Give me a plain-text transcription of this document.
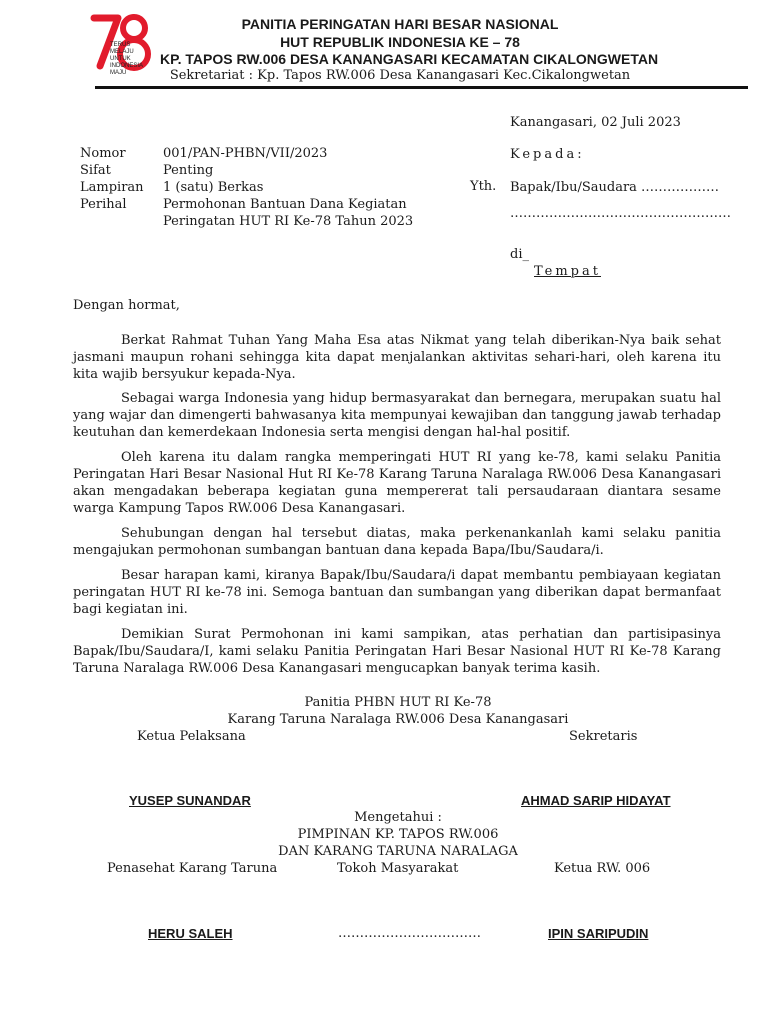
TERUS
MELAJU
UNTUK
INDONESIA
MAJU
PANITIA PERINGATAN HARI BESAR NASIONAL
HUT REPUBLIK INDONESIA KE – 78
KP. TAPOS RW.006 DESA KANANGASARI KECAMATAN CIKALONGWETAN
Sekretariat : Kp. Tapos RW.006 Desa Kanangasari Kec.Cikalongwetan
Kanangasari, 02 Juli 2023
Nomor	001/PAN-PHBN/VII/2023
Sifat	Penting
Lampiran 1 (satu) Berkas
Perihal	Permohonan Bantuan Dana Kegiatan
Peringatan HUT RI Ke-78 Tahun 2023
Kepada:
Yth. Bapak/Ibu/Saudara ………………
……………………………………………
di_
Tempat
Dengan hormat,
Berkat Rahmat Tuhan Yang Maha Esa atas Nikmat yang telah diberikan-Nya baik sehat jasmani maupun rohani sehingga kita dapat menjalankan aktivitas sehari-hari, oleh karena itu kita wajib bersyukur kepada-Nya.
Sebagai warga Indonesia yang hidup bermasyarakat dan bernegara, merupakan suatu hal yang wajar dan dimengerti bahwasanya kita mempunyai kewajiban dan tanggung jawab terhadap keutuhan dan kemerdekaan Indonesia serta mengisi dengan hal-hal positif.
Oleh karena itu dalam rangka memperingati HUT RI yang ke-78, kami selaku Panitia Peringatan Hari Besar Nasional Hut RI Ke-78 Karang Taruna Naralaga RW.006 Desa Kanangasari akan mengadakan beberapa kegiatan guna mempererat tali persaudaraan diantara sesame warga Kampung Tapos RW.006 Desa Kanangasari.
Sehubungan dengan hal tersebut diatas, maka perkenankanlah kami selaku panitia mengajukan permohonan sumbangan bantuan dana kepada Bapa/Ibu/Saudara/i.
Besar harapan kami, kiranya Bapak/Ibu/Saudara/i dapat membantu pembiayaan kegiatan peringatan HUT RI ke-78 ini. Semoga bantuan dan sumbangan yang diberikan dapat bermanfaat bagi kegiatan ini.
Demikian Surat Permohonan ini kami sampikan, atas perhatian dan partisipasinya Bapak/Ibu/Saudara/I, kami selaku Panitia Peringatan Hari Besar Nasional HUT RI Ke-78 Karang Taruna Naralaga RW.006 Desa Kanangasari mengucapkan banyak terima kasih.
Panitia PHBN HUT RI Ke-78
Karang Taruna Naralaga RW.006 Desa Kanangasari
Ketua Pelaksana	Sekretaris
YUSEP SUNANDAR	AHMAD SARIP HIDAYAT
Mengetahui :
PIMPINAN KP. TAPOS RW.006
DAN KARANG TARUNA NARALAGA
Penasehat Karang Taruna	Tokoh Masyarakat	Ketua RW. 006
HERU SALEH	……………………………	IPIN SARIPUDIN
